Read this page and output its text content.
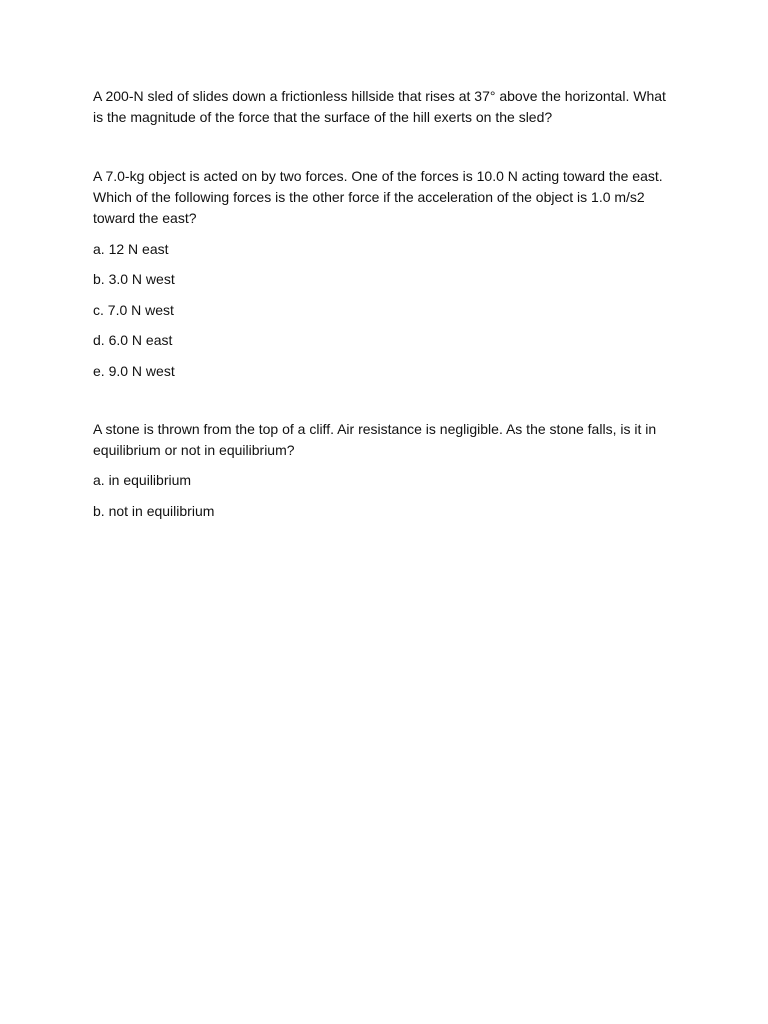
A 200-N sled of slides down a frictionless hillside that rises at 37° above the horizontal. What is the magnitude of the force that the surface of the hill exerts on the sled?

A 7.0-kg object is acted on by two forces. One of the forces is 10.0 N acting toward the east. Which of the following forces is the other force if the acceleration of the object is 1.0 m/s2 toward the east?

a. 12 N east
b. 3.0 N west
c. 7.0 N west
d. 6.0 N east
e. 9.0 N west

A stone is thrown from the top of a cliff. Air resistance is negligible. As the stone falls, is it in equilibrium or not in equilibrium?

a. in equilibrium
b. not in equilibrium
